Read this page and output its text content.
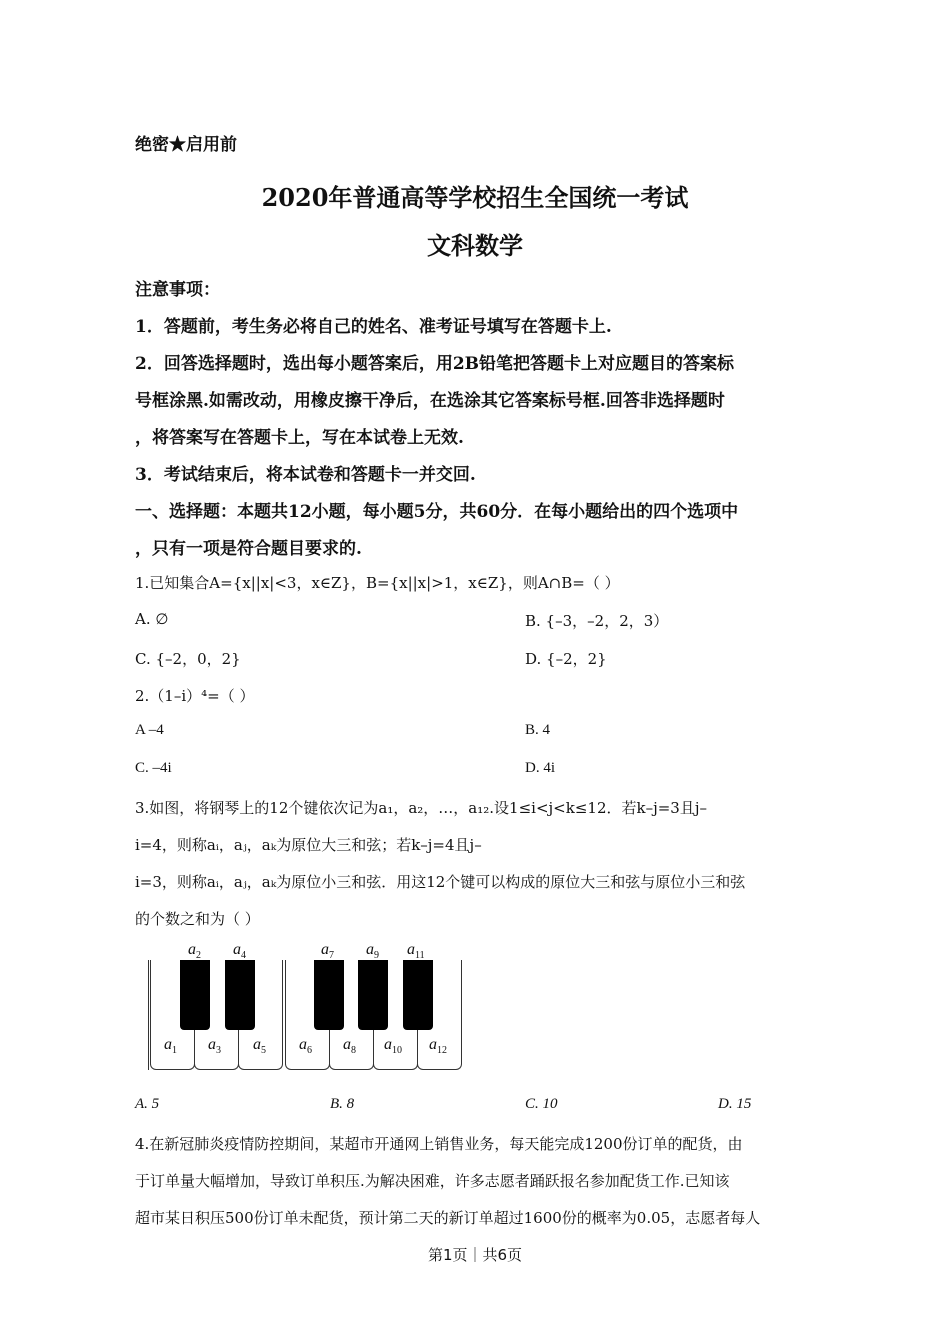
绝密★启用前
2020年普通高等学校招生全国统一考试
文科数学
注意事项：
1．答题前，考生务必将自己的姓名、准考证号填写在答题卡上.
2．回答选择题时，选出每小题答案后，用2B铅笔把答题卡上对应题目的答案标
号框涂黑.如需改动，用橡皮擦干净后，在选涂其它答案标号框.回答非选择题时
，将答案写在答题卡上，写在本试卷上无效.
3．考试结束后，将本试卷和答题卡一并交回.
一、选择题：本题共12小题，每小题5分，共60分．在每小题给出的四个选项中
，只有一项是符合题目要求的.
1.已知集合A={x||x|<3，x∈Z}，B={x||x|>1，x∈Z}，则A∩B=（ ）
A. ∅	B. {–3，–2，2，3）
C. {–2，0，2}	D. {–2，2}
2.（1–i）⁴=（ ）
A –4	B. 4
C. –4i	D. 4i
3.如图，将钢琴上的12个键依次记为a₁，a₂，…，a₁₂.设1≤i<j<k≤12．若k–j=3且j–
i=4，则称aᵢ，aⱼ，aₖ为原位大三和弦；若k–j=4且j–
i=3，则称aᵢ，aⱼ，aₖ为原位小三和弦．用这12个键可以构成的原位大三和弦与原位小三和弦
的个数之和为（ ）
$a_2$ $a_4$	$a_7$ $a_9$ $a_{11}$
$a_1$ $a_3$ $a_5$ $a_6$ $a_8$ $a_{10}$ $a_{12}$
A. 5	B. 8	C. 10	D. 15
4.在新冠肺炎疫情防控期间，某超市开通网上销售业务，每天能完成1200份订单的配货，由
于订单量大幅增加，导致订单积压.为解决困难，许多志愿者踊跃报名参加配货工作.已知该
超市某日积压500份订单未配货，预计第二天的新订单超过1600份的概率为0.05，志愿者每人
第1页｜共6页
